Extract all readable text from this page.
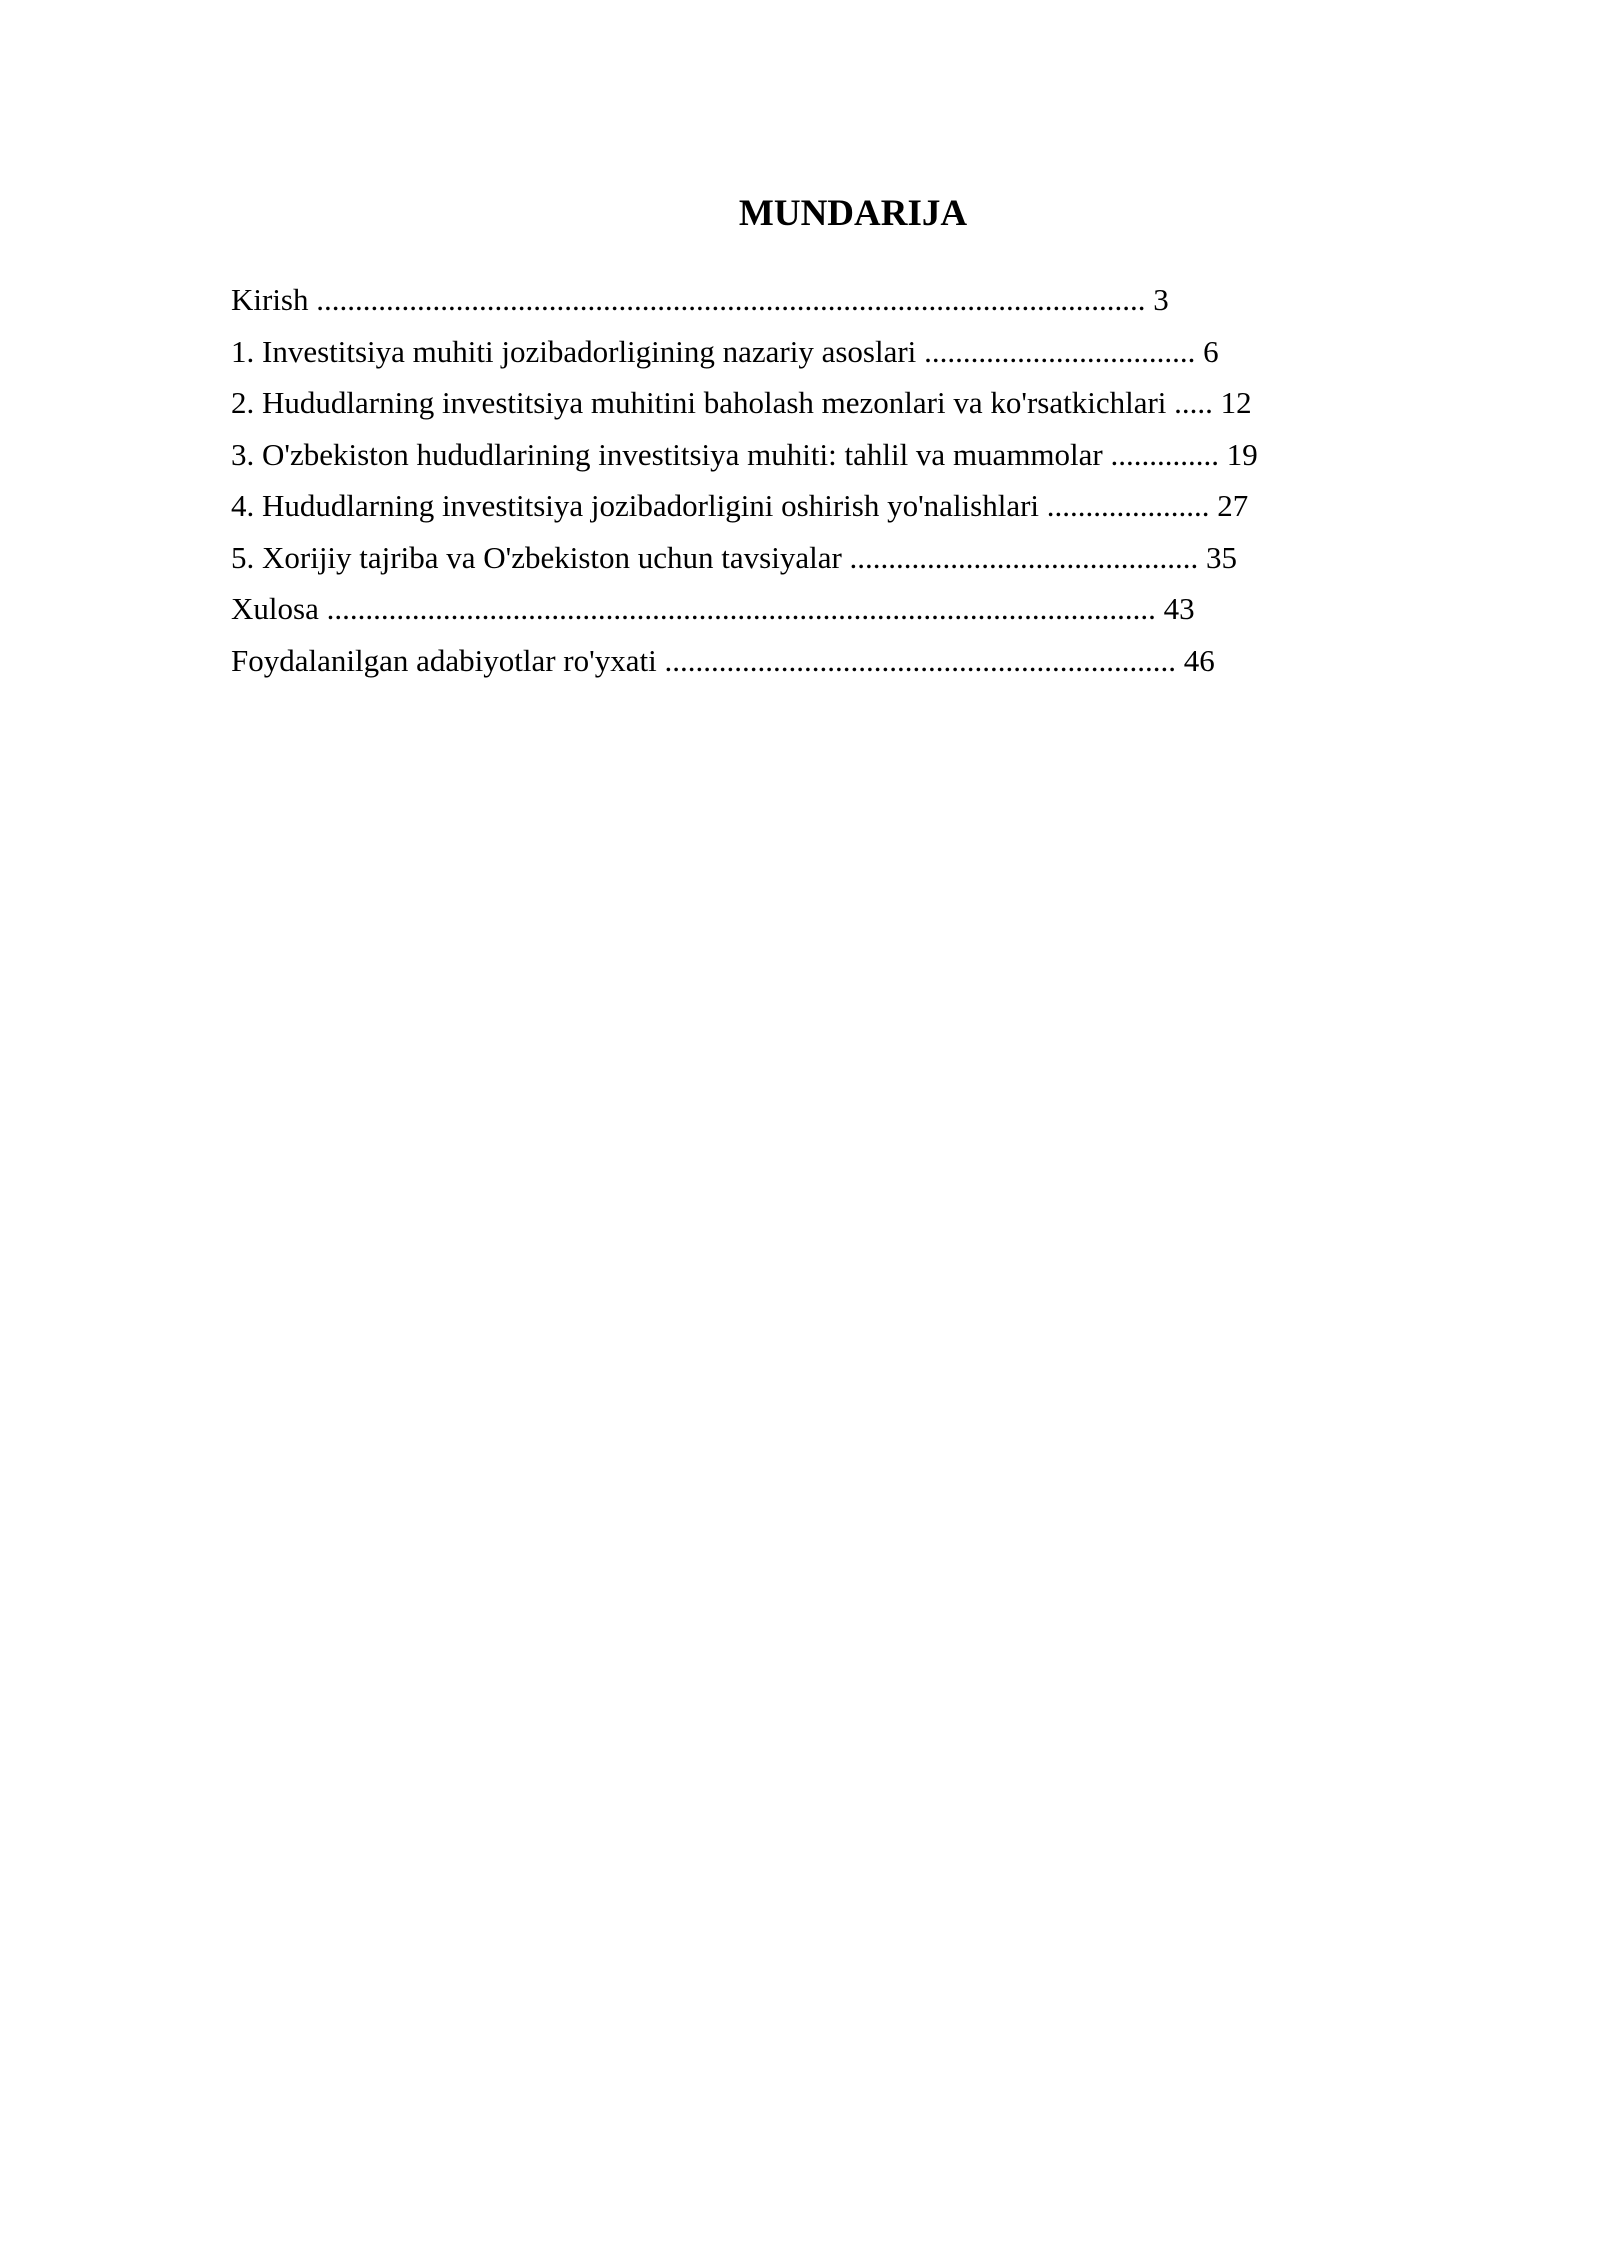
MUNDARIJA
Kirish ........................................................................................................... 3
1. Investitsiya muhiti jozibadorligining nazariy asoslari ................................... 6
2. Hududlarning investitsiya muhitini baholash mezonlari va ko'rsatkichlari ..... 12
3. O'zbekiston hududlarining investitsiya muhiti: tahlil va muammolar .............. 19
4. Hududlarning investitsiya jozibadorligini oshirish yo'nalishlari ..................... 27
5. Xorijiy tajriba va O'zbekiston uchun tavsiyalar ............................................. 35
Xulosa ........................................................................................................... 43
Foydalanilgan adabiyotlar ro'yxati .................................................................. 46
